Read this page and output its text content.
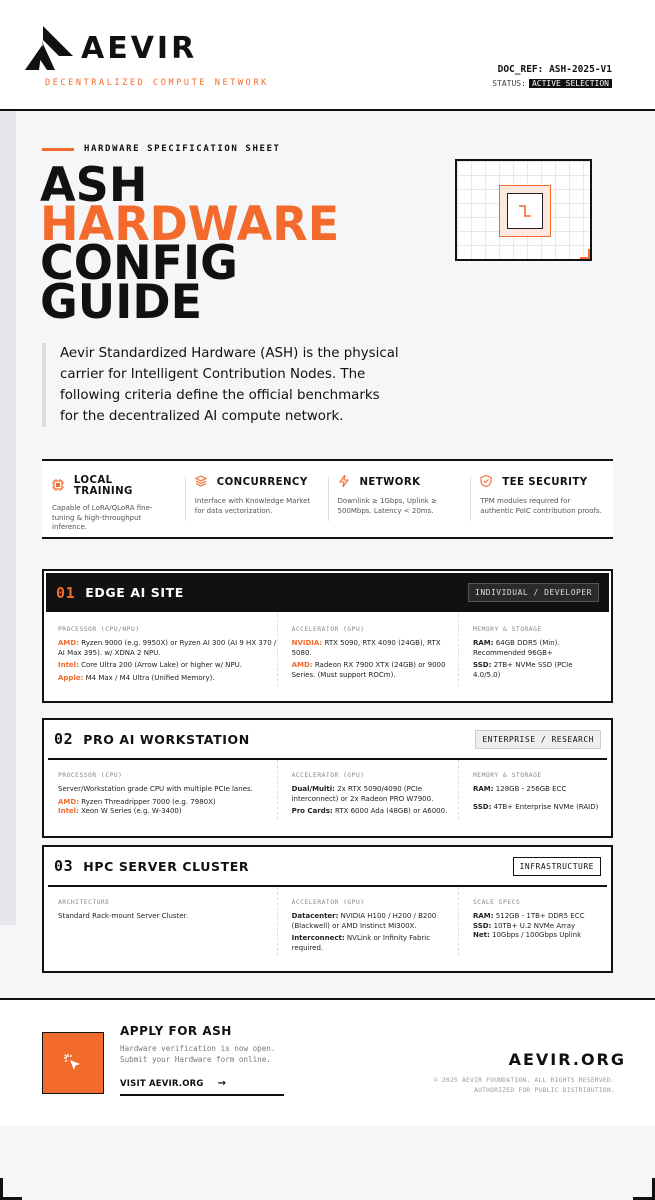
AEVIR
DECENTRALIZED COMPUTE NETWORK
DOC_REF: ASH-2025-V1
STATUS: ACTIVE SELECTION
HARDWARE SPECIFICATION SHEET
ASH
HARDWARE
CONFIG
GUIDE
Aevir Standardized Hardware (ASH) is the physical carrier for Intelligent Contribution Nodes. The following criteria define the official benchmarks for the decentralized AI compute network.
LOCAL TRAINING
Capable of LoRA/QLoRA fine-tuning & high-throughput inference.
CONCURRENCY
Interface with Knowledge Market for data vectorization.
NETWORK
Downlink ≥ 1Gbps, Uplink ≥ 500Mbps. Latency < 20ms.
TEE SECURITY
TPM modules required for authentic PoIC contribution proofs.
01 EDGE AI SITE	INDIVIDUAL / DEVELOPER
PROCESSOR (CPU/NPU)
AMD: Ryzen 9000 (e.g. 9950X) or Ryzen AI 300 (AI 9 HX 370 / AI Max 395). w/ XDNA 2 NPU.
Intel: Core Ultra 200 (Arrow Lake) or higher w/ NPU.
Apple: M4 Max / M4 Ultra (Unified Memory).
ACCELERATOR (GPU)
NVIDIA: RTX 5090, RTX 4090 (24GB), RTX 5080.
AMD: Radeon RX 7900 XTX (24GB) or 9000 Series. (Must support ROCm).
MEMORY & STORAGE
RAM: 64GB DDR5 (Min). Recommended 96GB+
SSD: 2TB+ NVMe SSD (PCIe 4.0/5.0)
02 PRO AI WORKSTATION	ENTERPRISE / RESEARCH
PROCESSOR (CPU)
Server/Workstation grade CPU with multiple PCIe lanes.
AMD: Ryzen Threadripper 7000 (e.g. 7980X)
Intel: Xeon W Series (e.g. W-3400)
ACCELERATOR (GPU)
Dual/Multi: 2x RTX 5090/4090 (PCIe interconnect) or 2x Radeon PRO W7900.
Pro Cards: RTX 6000 Ada (48GB) or A6000.
MEMORY & STORAGE
RAM: 128GB - 256GB ECC
SSD: 4TB+ Enterprise NVMe (RAID)
03 HPC SERVER CLUSTER	INFRASTRUCTURE
ARCHITECTURE
Standard Rack-mount Server Cluster.
ACCELERATOR (GPU)
Datacenter: NVIDIA H100 / H200 / B200 (Blackwell) or AMD Instinct MI300X.
Interconnect: NVLink or Infinity Fabric required.
SCALE SPECS
RAM: 512GB - 1TB+ DDR5 ECC
SSD: 10TB+ U.2 NVMe Array
Net: 10Gbps / 100Gbps Uplink
APPLY FOR ASH
Hardware verification is now open.
Submit your Hardware form online.
VISIT AEVIR.ORG →
AEVIR.ORG
© 2025 AEVIR FOUNDATION. ALL RIGHTS RESERVED.
AUTHORIZED FOR PUBLIC DISTRIBUTION.
